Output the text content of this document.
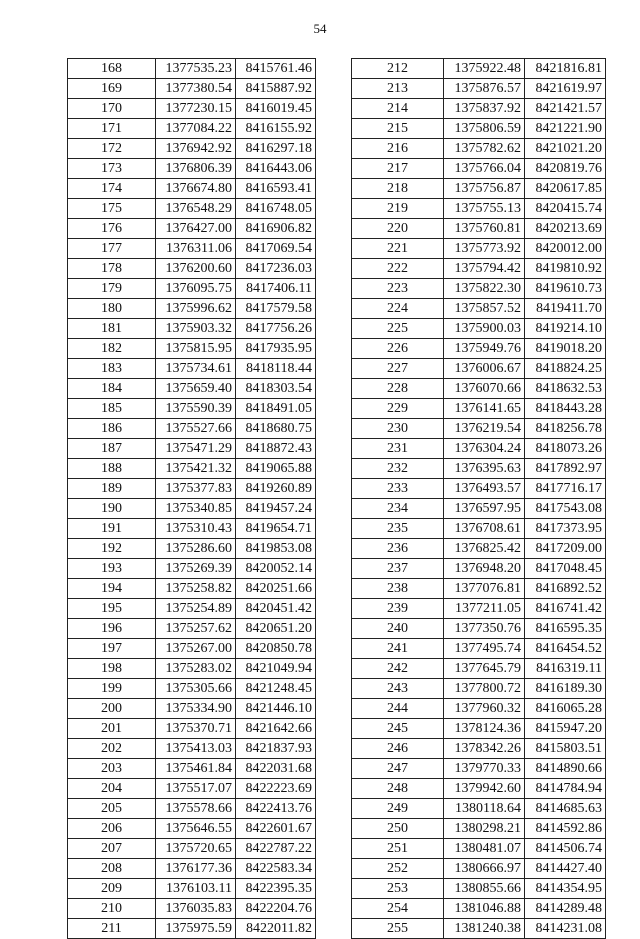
54
168	1377535.23	8415761.46
169	1377380.54	8415887.92
170	1377230.15	8416019.45
171	1377084.22	8416155.92
172	1376942.92	8416297.18
173	1376806.39	8416443.06
174	1376674.80	8416593.41
175	1376548.29	8416748.05
176	1376427.00	8416906.82
177	1376311.06	8417069.54
178	1376200.60	8417236.03
179	1376095.75	8417406.11
180	1375996.62	8417579.58
181	1375903.32	8417756.26
182	1375815.95	8417935.95
183	1375734.61	8418118.44
184	1375659.40	8418303.54
185	1375590.39	8418491.05
186	1375527.66	8418680.75
187	1375471.29	8418872.43
188	1375421.32	8419065.88
189	1375377.83	8419260.89
190	1375340.85	8419457.24
191	1375310.43	8419654.71
192	1375286.60	8419853.08
193	1375269.39	8420052.14
194	1375258.82	8420251.66
195	1375254.89	8420451.42
196	1375257.62	8420651.20
197	1375267.00	8420850.78
198	1375283.02	8421049.94
199	1375305.66	8421248.45
200	1375334.90	8421446.10
201	1375370.71	8421642.66
202	1375413.03	8421837.93
203	1375461.84	8422031.68
204	1375517.07	8422223.69
205	1375578.66	8422413.76
206	1375646.55	8422601.67
207	1375720.65	8422787.22
208	1376177.36	8422583.34
209	1376103.11	8422395.35
210	1376035.83	8422204.76
211	1375975.59	8422011.82
212	1375922.48	8421816.81
213	1375876.57	8421619.97
214	1375837.92	8421421.57
215	1375806.59	8421221.90
216	1375782.62	8421021.20
217	1375766.04	8420819.76
218	1375756.87	8420617.85
219	1375755.13	8420415.74
220	1375760.81	8420213.69
221	1375773.92	8420012.00
222	1375794.42	8419810.92
223	1375822.30	8419610.73
224	1375857.52	8419411.70
225	1375900.03	8419214.10
226	1375949.76	8419018.20
227	1376006.67	8418824.25
228	1376070.66	8418632.53
229	1376141.65	8418443.28
230	1376219.54	8418256.78
231	1376304.24	8418073.26
232	1376395.63	8417892.97
233	1376493.57	8417716.17
234	1376597.95	8417543.08
235	1376708.61	8417373.95
236	1376825.42	8417209.00
237	1376948.20	8417048.45
238	1377076.81	8416892.52
239	1377211.05	8416741.42
240	1377350.76	8416595.35
241	1377495.74	8416454.52
242	1377645.79	8416319.11
243	1377800.72	8416189.30
244	1377960.32	8416065.28
245	1378124.36	8415947.20
246	1378342.26	8415803.51
247	1379770.33	8414890.66
248	1379942.60	8414784.94
249	1380118.64	8414685.63
250	1380298.21	8414592.86
251	1380481.07	8414506.74
252	1380666.97	8414427.40
253	1380855.66	8414354.95
254	1381046.88	8414289.48
255	1381240.38	8414231.08
